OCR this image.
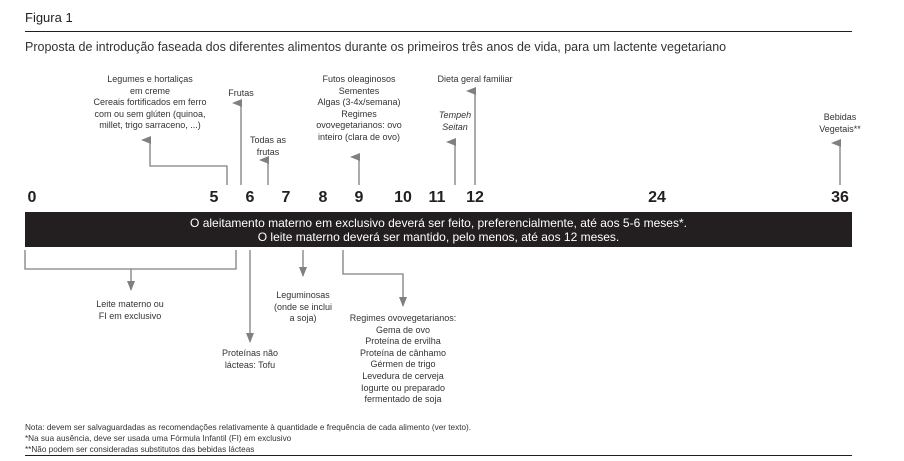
Figura 1
Proposta de introdução faseada dos diferentes alimentos durante os primeiros três anos de vida, para um lactente vegetariano
Legumes e hortaliças
em creme
Cereais fortificados em ferro
com ou sem glúten (quinoa,
millet, trigo sarraceno, ...)
Frutas
Todas as
frutas
Futos oleaginosos
Sementes
Algas (3-4x/semana)
Regimes
ovovegetarianos: ovo
inteiro (clara de ovo)
Tempeh
Seitan
Dieta geral familiar
Bebidas
Vegetais**
0	5 6 7 8 9 10 11 12	24	36
O aleitamento materno em exclusivo deverá ser feito, preferencialmente, até aos 5-6 meses*.
O leite materno deverá ser mantido, pelo menos, até aos 12 meses.
Leite materno ou
FI em exclusivo
Proteínas não
lácteas: Tofu
Leguminosas
(onde se inclui
a soja)	Regimes ovovegetarianos:
Gema de ovo
Proteína de ervilha
Proteína de cânhamo
Gérmen de trigo
Levedura de cerveja
Iogurte ou preparado
fermentado de soja
Nota: devem ser salvaguardadas as recomendações relativamente à quantidade e frequência de cada alimento (ver texto).
*Na sua ausência, deve ser usada uma Fórmula Infantil (FI) em exclusivo
**Não podem ser consideradas substitutos das bebidas lácteas
